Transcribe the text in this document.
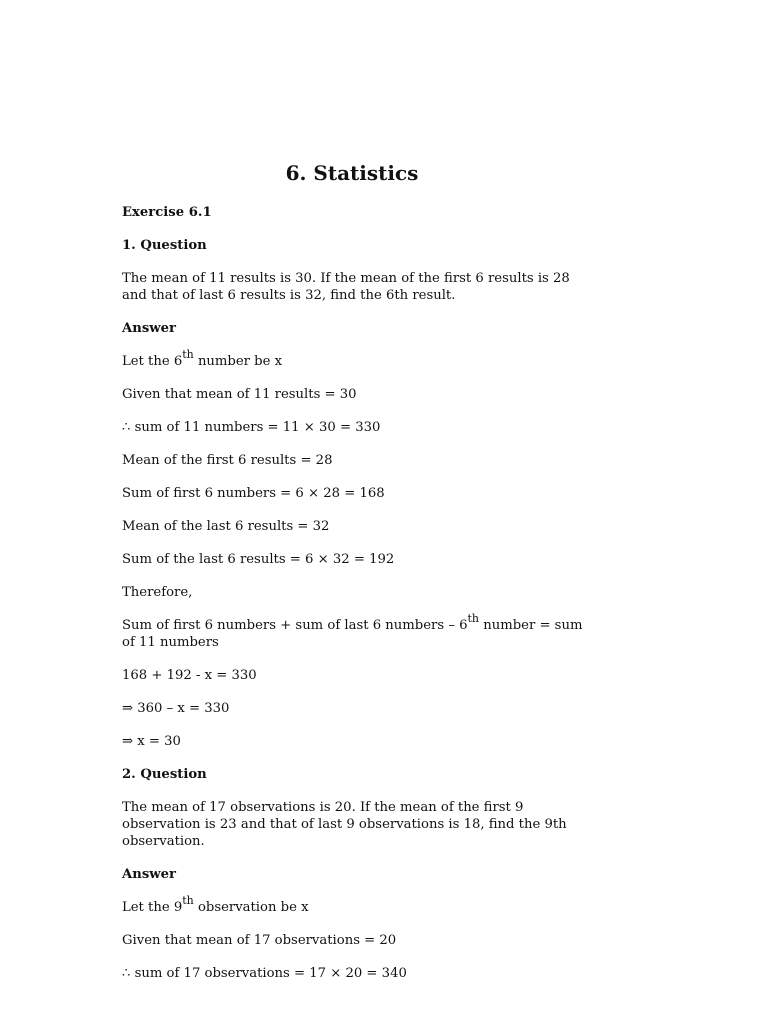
6. Statistics

Exercise 6.1

1. Question

The mean of 11 results is 30. If the mean of the first 6 results is 28 and that of last 6 results is 32, find the 6th result.

Answer

Let the 6th number be x

Given that mean of 11 results = 30

∴ sum of 11 numbers = 11 × 30 = 330

Mean of the first 6 results = 28

Sum of first 6 numbers = 6 × 28 = 168

Mean of the last 6 results = 32

Sum of the last 6 results = 6 × 32 = 192

Therefore,

Sum of first 6 numbers + sum of last 6 numbers – 6th number = sum of 11 numbers

168 + 192 - x = 330

⇒ 360 – x = 330

⇒ x = 30

2. Question

The mean of 17 observations is 20. If the mean of the first 9 observation is 23 and that of last 9 observations is 18, find the 9th observation.

Answer

Let the 9th observation be x

Given that mean of 17 observations = 20

∴ sum of 17 observations = 17 × 20 = 340
